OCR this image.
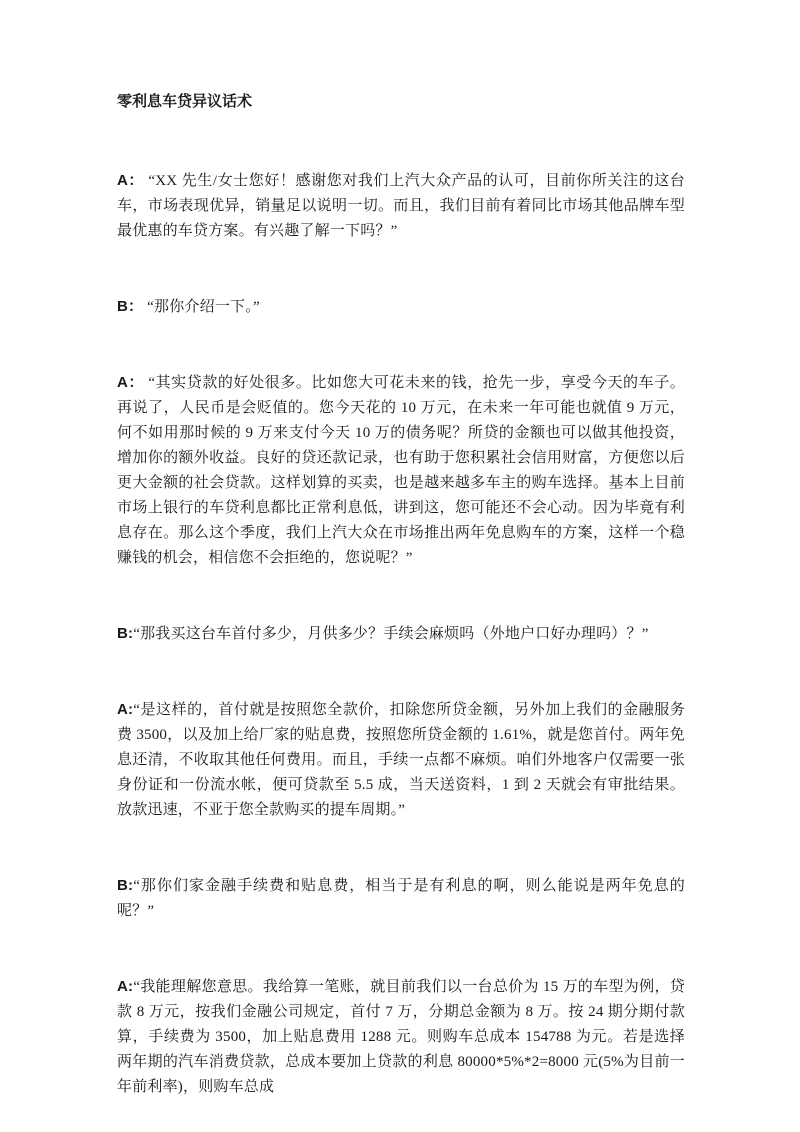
零利息车贷异议话术

A： “XX 先生/女士您好！感谢您对我们上汽大众产品的认可，目前你所关注的这台车，市场表现优异，销量足以说明一切。而且，我们目前有着同比市场其他品牌车型最优惠的车贷方案。有兴趣了解一下吗？”

B： “那你介绍一下。”

A： “其实贷款的好处很多。比如您大可花未来的钱，抢先一步，享受今天的车子。再说了，人民币是会贬值的。您今天花的 10 万元，在未来一年可能也就值 9 万元，何不如用那时候的 9 万来支付今天 10 万的债务呢？所贷的金额也可以做其他投资，增加你的额外收益。良好的贷还款记录，也有助于您积累社会信用财富，方便您以后更大金额的社会贷款。这样划算的买卖，也是越来越多车主的购车选择。基本上目前市场上银行的车贷利息都比正常利息低，讲到这，您可能还不会心动。因为毕竟有利息存在。那么这个季度，我们上汽大众在市场推出两年免息购车的方案，这样一个稳赚钱的机会，相信您不会拒绝的，您说呢？”

B:“那我买这台车首付多少，月供多少？手续会麻烦吗（外地户口好办理吗）？”

A:“是这样的，首付就是按照您全款价，扣除您所贷金额，另外加上我们的金融服务费 3500，以及加上给厂家的贴息费，按照您所贷金额的 1.61%，就是您首付。两年免息还清，不收取其他任何费用。而且，手续一点都不麻烦。咱们外地客户仅需要一张身份证和一份流水帐，便可贷款至 5.5 成，当天送资料，1 到 2 天就会有审批结果。放款迅速，不亚于您全款购买的提车周期。”

B:“那你们家金融手续费和贴息费，相当于是有利息的啊，则么能说是两年免息的呢？”

A:“我能理解您意思。我给算一笔账，就目前我们以一台总价为 15 万的车型为例，贷款 8 万元，按我们金融公司规定，首付 7 万，分期总金额为 8 万。按 24 期分期付款算，手续费为 3500，加上贴息费用 1288 元。则购车总成本 154788 为元。若是选择两年期的汽车消费贷款，总成本要加上贷款的利息 80000*5%*2=8000 元(5%为目前一年前利率)，则购车总成
